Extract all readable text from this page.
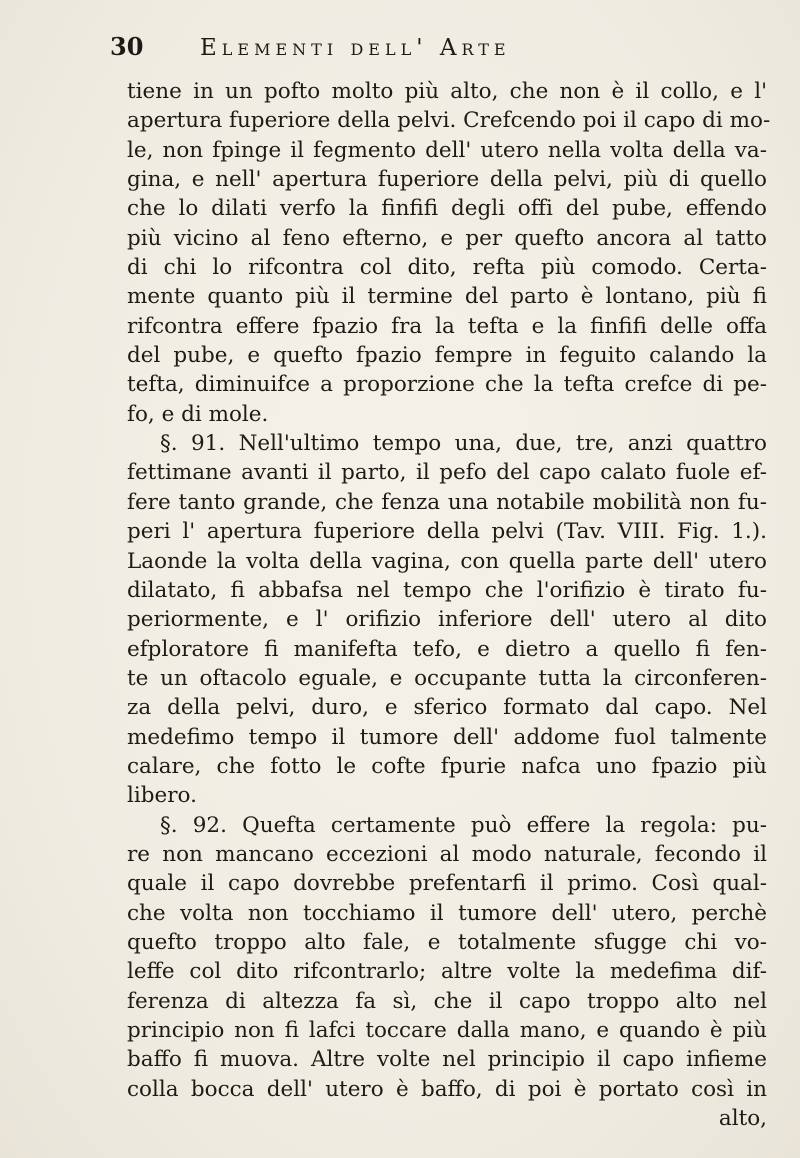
30	Elementi dell' Arte
tiene in un pofto molto più alto, che non è il collo, e l'
apertura fuperiore della pelvi. Crefcendo poi il capo di mo-
le, non fpinge il fegmento dell' utero nella volta della va-
gina, e nell' apertura fuperiore della pelvi, più di quello
che lo dilati verfo la finfifi degli offi del pube, effendo
più vicino al feno efterno, e per quefto ancora al tatto
di chi lo rifcontra col dito, refta più comodo. Certa-
mente quanto più il termine del parto è lontano, più fi
rifcontra effere fpazio fra la tefta e la finfifi delle offa
del pube, e quefto fpazio fempre in feguito calando la
tefta, diminuifce a proporzione che la tefta crefce di pe-
fo, e di mole.
§. 91. Nell'ultimo tempo una, due, tre, anzi quattro
fettimane avanti il parto, il pefo del capo calato fuole ef-
fere tanto grande, che fenza una notabile mobilità non fu-
peri l' apertura fuperiore della pelvi (Tav. VIII. Fig. 1.).
Laonde la volta della vagina, con quella parte dell' utero
dilatato, fi abbafsa nel tempo che l'orifizio è tirato fu-
periormente, e l' orifizio inferiore dell' utero al dito
efploratore fi manifefta tefo, e dietro a quello fi fen-
te un oftacolo eguale, e occupante tutta la circonferen-
za della pelvi, duro, e sferico formato dal capo. Nel
medefimo tempo il tumore dell' addome fuol talmente
calare, che fotto le cofte fpurie nafca uno fpazio più
libero.
§. 92. Quefta certamente può effere la regola: pu-
re non mancano eccezioni al modo naturale, fecondo il
quale il capo dovrebbe prefentarfi il primo. Così qual-
che volta non tocchiamo il tumore dell' utero, perchè
quefto troppo alto fale, e totalmente sfugge chi vo-
leffe col dito rifcontrarlo; altre volte la medefima dif-
ferenza di altezza fa sì, che il capo troppo alto nel
principio non fi lafci toccare dalla mano, e quando è più
baffo fi muova. Altre volte nel principio il capo infieme
colla bocca dell' utero è baffo, di poi è portato così in
alto,
